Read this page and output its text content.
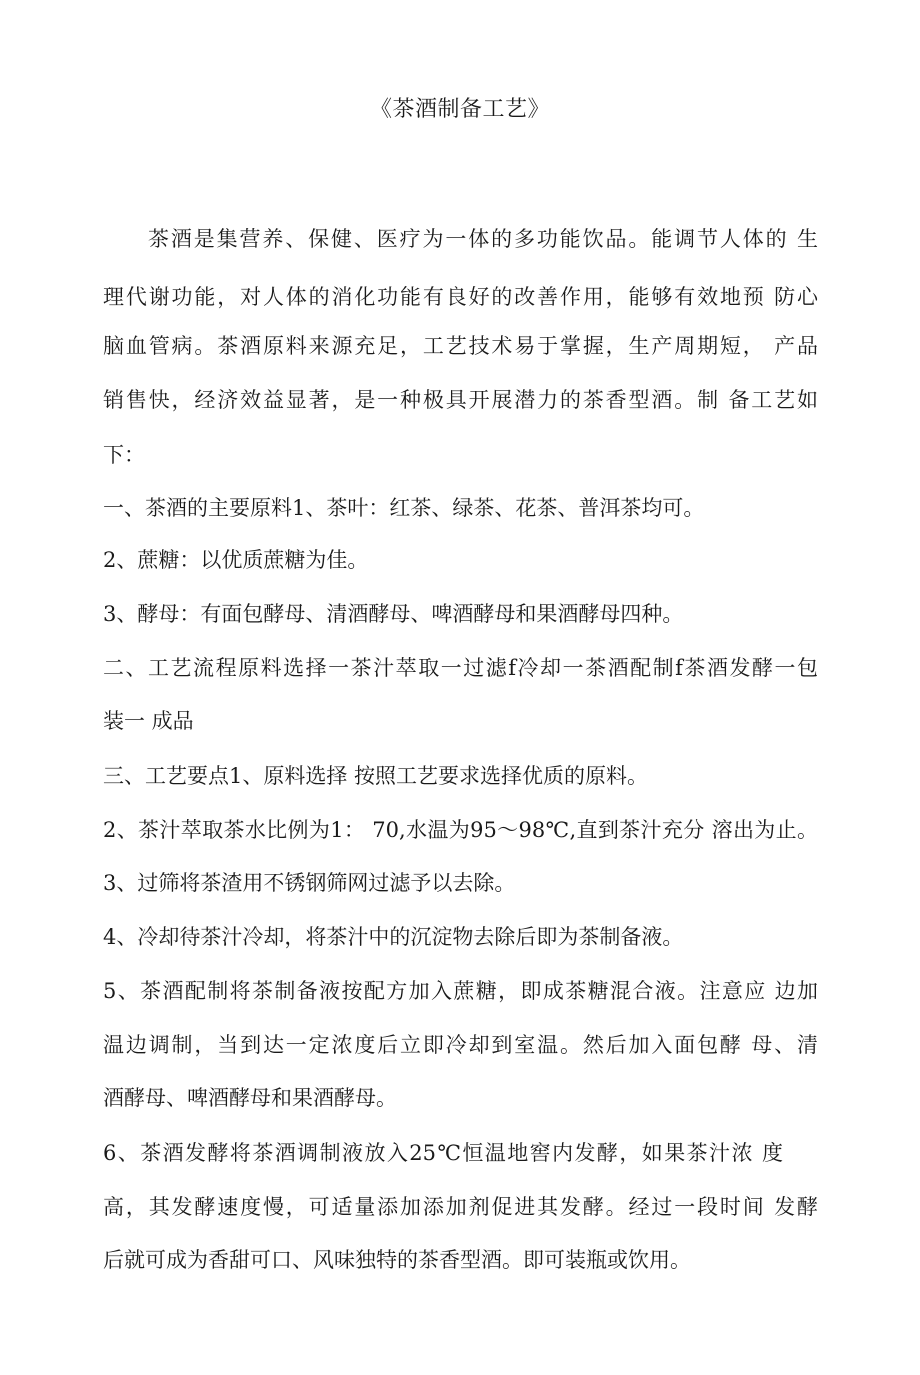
《茶酒制备工艺》
茶酒是集营养、保健、医疗为一体的多功能饮品。能调节人体的 生
理代谢功能，对人体的消化功能有良好的改善作用，能够有效地预 防心
脑血管病。茶酒原料来源充足，工艺技术易于掌握，生产周期短， 产品
销售快，经济效益显著，是一种极具开展潜力的茶香型酒。制 备工艺如
下：
一、茶酒的主要原料1、茶叶：红茶、绿茶、花茶、普洱茶均可。
2、蔗糖：以优质蔗糖为佳。
3、酵母：有面包酵母、清酒酵母、啤酒酵母和果酒酵母四种。
二、工艺流程原料选择一茶汁萃取一过滤f冷却一茶酒配制f茶酒发酵一包
装一 成品
三、工艺要点1、原料选择 按照工艺要求选择优质的原料。
2、茶汁萃取茶水比例为1： 70,水温为95〜98℃,直到茶汁充分 溶出为止。
3、过筛将茶渣用不锈钢筛网过滤予以去除。
4、冷却待茶汁冷却，将茶汁中的沉淀物去除后即为茶制备液。
5、茶酒配制将茶制备液按配方加入蔗糖，即成茶糖混合液。注意应 边加
温边调制，当到达一定浓度后立即冷却到室温。然后加入面包酵 母、清
酒酵母、啤酒酵母和果酒酵母。
6、茶酒发酵将茶酒调制液放入25℃恒温地窖内发酵，如果茶汁浓 度
高，其发酵速度慢，可适量添加添加剂促进其发酵。经过一段时间 发酵
后就可成为香甜可口、风味独特的茶香型酒。即可装瓶或饮用。
